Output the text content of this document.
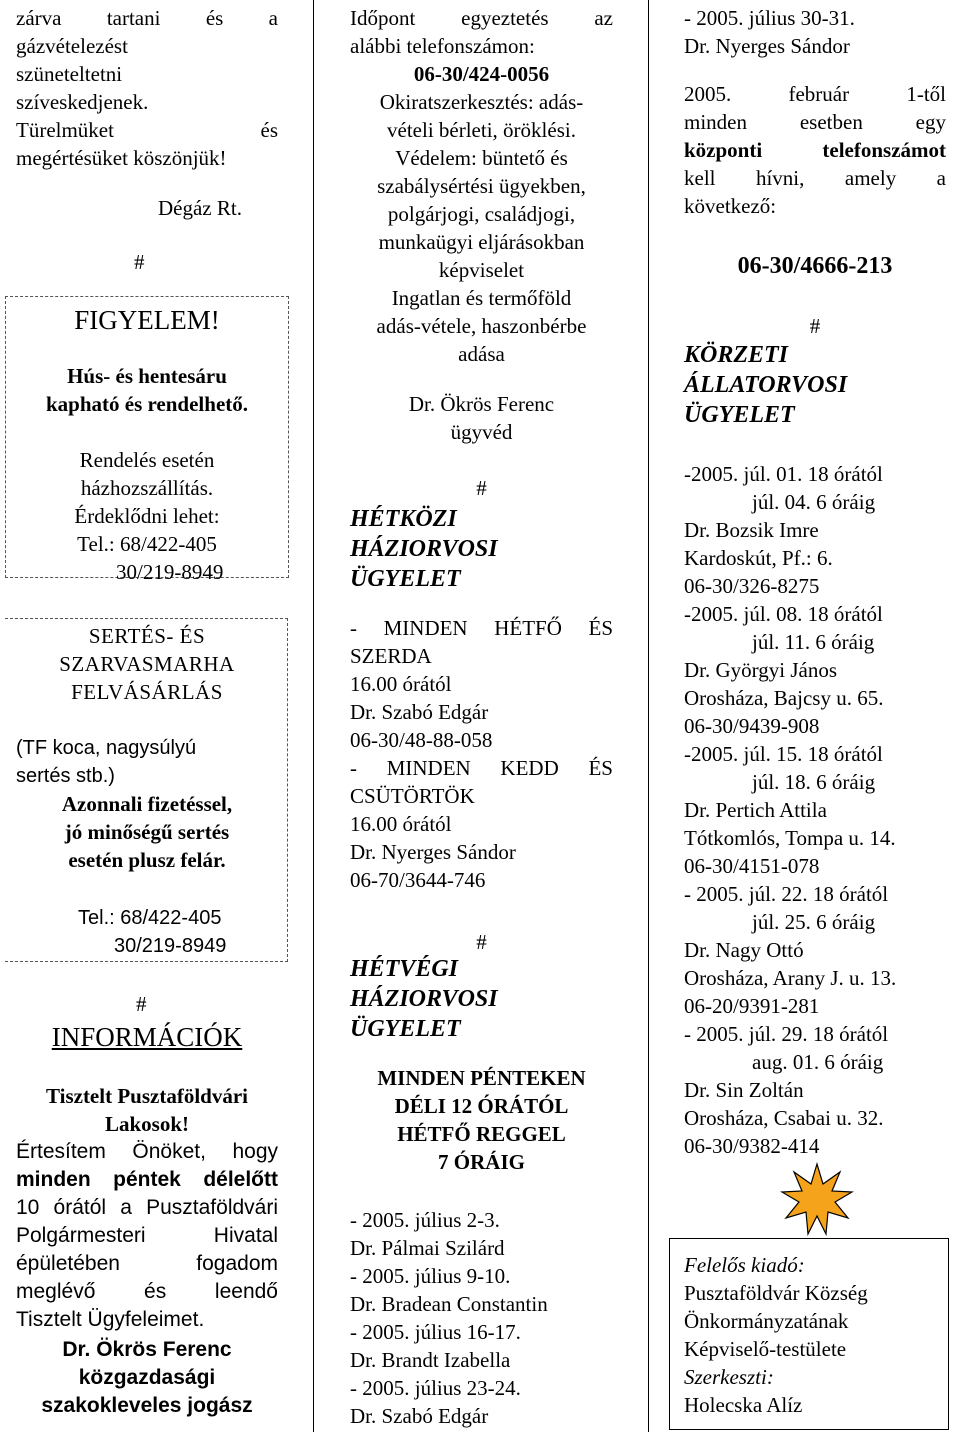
zárva tartani és a
gázvételezést
szüneteltetni
szíveskedjenek.
Türelmüket és
megértésüket köszönjük!
Dégáz Rt.
#
FIGYELEM!
Hús- és hentesáru
kapható és rendelhető.
Rendelés esetén
házhozszállítás.
Érdeklődni lehet:
Tel.: 68/422-405
30/219-8949
SERTÉS- ÉS
SZARVASMARHA
FELVÁSÁRLÁS
(TF koca, nagysúlyú
sertés stb.)
Azonnali fizetéssel,
jó minőségű sertés
esetén plusz felár.
Tel.: 68/422-405
30/219-8949
#
INFORMÁCIÓK
Tisztelt Pusztaföldvári
Lakosok!
Értesítem Önöket, hogy
minden péntek délelőtt
10 órától a Pusztaföldvári
Polgármesteri Hivatal
épületében fogadom
meglévő és leendő
Tisztelt Ügyfeleimet.
Dr. Ökrös Ferenc
közgazdasági
szakokleveles jogász
Időpont egyeztetés az
alábbi telefonszámon:
06-30/424-0056
Okiratszerkesztés: adás-
vételi bérleti, öröklési.
Védelem: büntető és
szabálysértési ügyekben,
polgárjogi, családjogi,
munkaügyi eljárásokban
képviselet
Ingatlan és termőföld
adás-vétele, haszonbérbe
adása
Dr. Ökrös Ferenc
ügyvéd
#
HÉTKÖZI
HÁZIORVOSI
ÜGYELET
- MINDEN HÉTFŐ ÉS
SZERDA
16.00 órától
Dr. Szabó Edgár
06-30/48-88-058
- MINDEN KEDD ÉS
CSÜTÖRTÖK
16.00 órától
Dr. Nyerges Sándor
06-70/3644-746
#
HÉTVÉGI
HÁZIORVOSI
ÜGYELET
MINDEN PÉNTEKEN
DÉLI 12 ÓRÁTÓL
HÉTFŐ REGGEL
7 ÓRÁIG
- 2005. július 2-3.
Dr. Pálmai Szilárd
- 2005. július 9-10.
Dr. Bradean Constantin
- 2005. július 16-17.
Dr. Brandt Izabella
- 2005. július 23-24.
Dr. Szabó Edgár
- 2005. július 30-31.
Dr. Nyerges Sándor
2005. február 1-től
minden esetben egy
központi telefonszámot
kell hívni, amely a
következő:
06-30/4666-213
#
KÖRZETI
ÁLLATORVOSI
ÜGYELET
-2005. júl. 01. 18 órától
júl. 04. 6 óráig
Dr. Bozsik Imre
Kardoskút, Pf.: 6.
06-30/326-8275
-2005. júl. 08. 18 órától
júl. 11. 6 óráig
Dr. Györgyi János
Orosháza, Bajcsy u. 65.
06-30/9439-908
-2005. júl. 15. 18 órától
júl. 18. 6 óráig
Dr. Pertich Attila
Tótkomlós, Tompa u. 14.
06-30/4151-078
- 2005. júl. 22. 18 órától
júl. 25. 6 óráig
Dr. Nagy Ottó
Orosháza, Arany J. u. 13.
06-20/9391-281
- 2005. júl. 29. 18 órától
aug. 01. 6 óráig
Dr. Sin Zoltán
Orosháza, Csabai u. 32.
06-30/9382-414
Felelős kiadó:
Pusztaföldvár Község
Önkormányzatának
Képviselő-testülete
Szerkeszti:
Holecska Alíz
